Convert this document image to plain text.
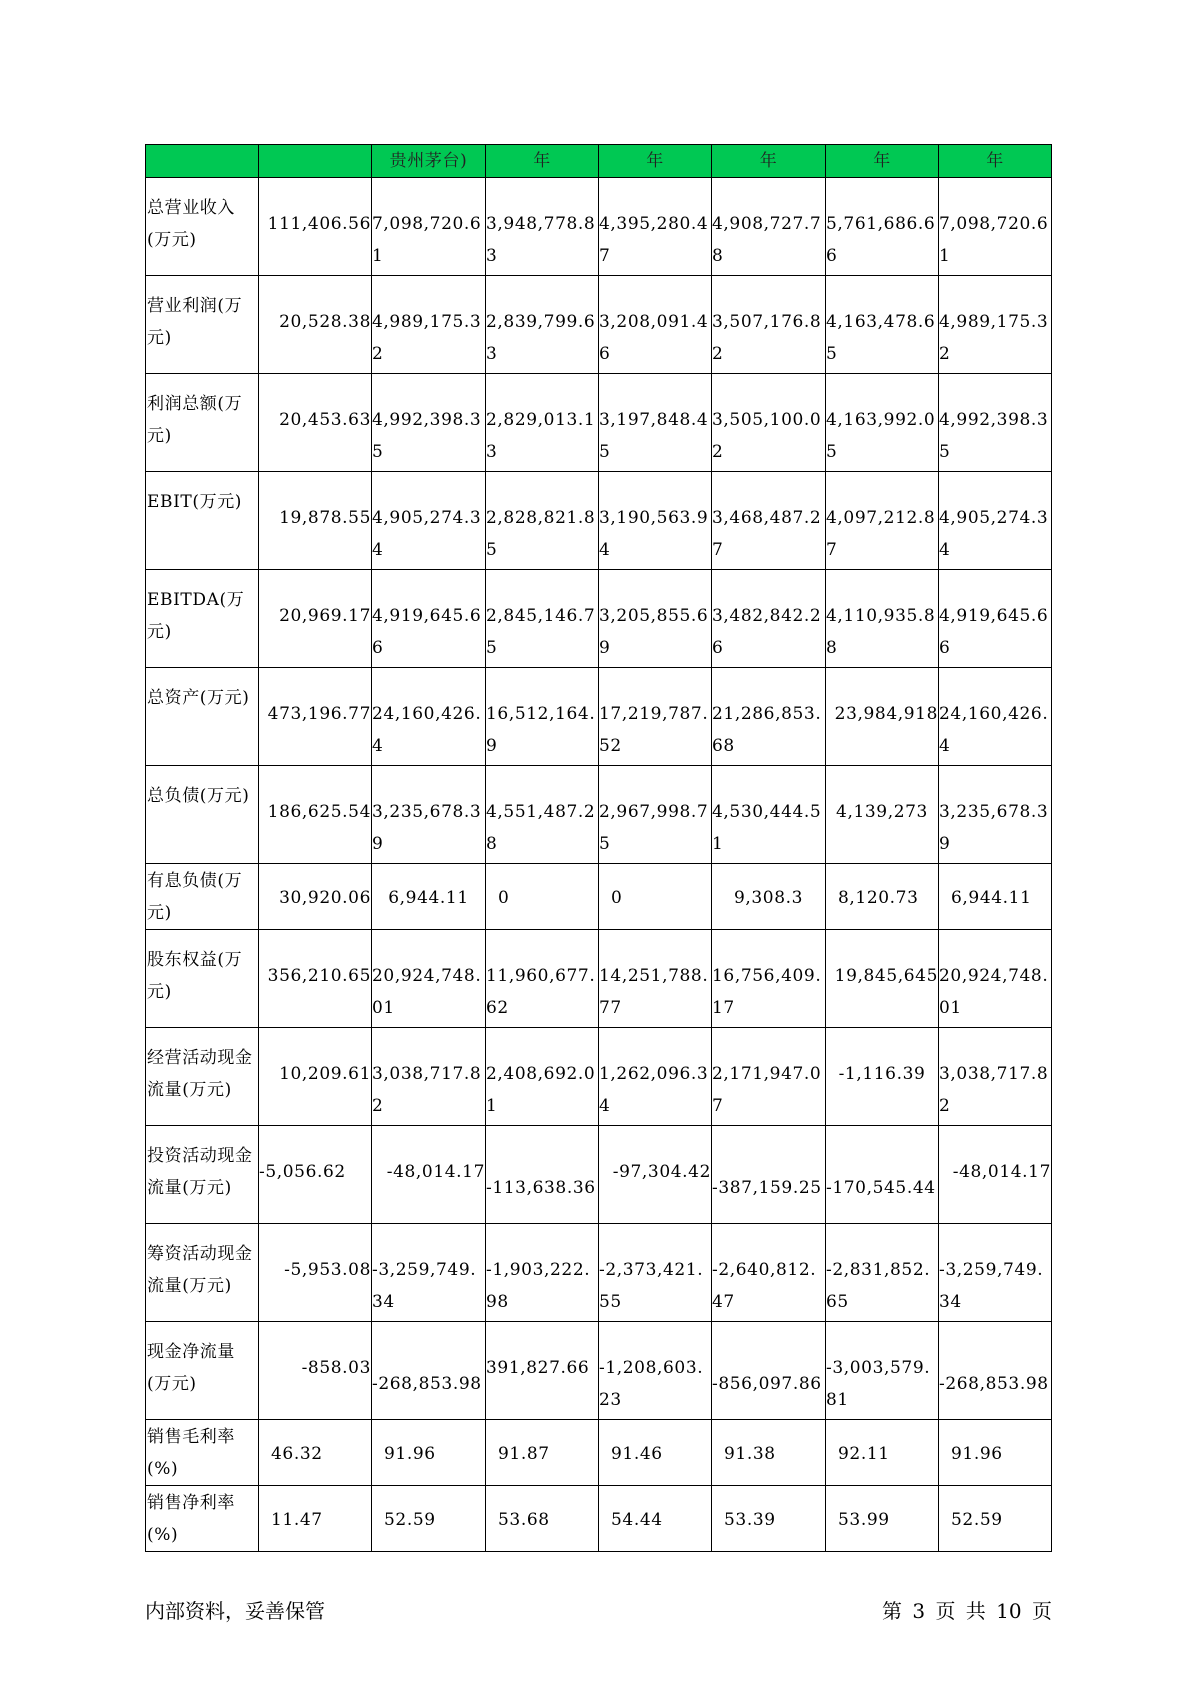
		贵州茅台)	年	年	年	年	年
总营业收入(万元)	111,406.56	7,098,720.61	3,948,778.83	4,395,280.47	4,908,727.78	5,761,686.66	7,098,720.61
营业利润(万元)	20,528.38	4,989,175.32	2,839,799.63	3,208,091.46	3,507,176.82	4,163,478.65	4,989,175.32
利润总额(万元)	20,453.63	4,992,398.35	2,829,013.13	3,197,848.45	3,505,100.02	4,163,992.05	4,992,398.35
EBIT(万元)	19,878.55	4,905,274.34	2,828,821.85	3,190,563.94	3,468,487.27	4,097,212.87	4,905,274.34
EBITDA(万元)	20,969.17	4,919,645.66	2,845,146.75	3,205,855.69	3,482,842.26	4,110,935.88	4,919,645.66
总资产(万元)	473,196.77	24,160,426.4	16,512,164.9	17,219,787.52	21,286,853.68	23,984,918	24,160,426.4
总负债(万元)	186,625.54	3,235,678.39	4,551,487.28	2,967,998.75	4,530,444.51	4,139,273	3,235,678.39
有息负债(万元)	30,920.06	6,944.11	0	0	9,308.3	8,120.73	6,944.11
股东权益(万元)	356,210.65	20,924,748.01	11,960,677.62	14,251,788.77	16,756,409.17	19,845,645	20,924,748.01
经营活动现金流量(万元)	10,209.61	3,038,717.82	2,408,692.01	1,262,096.34	2,171,947.07	-1,116.39	3,038,717.82
投资活动现金流量(万元)	-5,056.62	-48,014.17	-113,638.36	-97,304.42	-387,159.25	-170,545.44	-48,014.17
筹资活动现金流量(万元)	-5,953.08	-3,259,749.34	-1,903,222.98	-2,373,421.55	-2,640,812.47	-2,831,852.65	-3,259,749.34
现金净流量(万元)	-858.03	-268,853.98	391,827.66	-1,208,603.23	-856,097.86	-3,003,579.81	-268,853.98
销售毛利率(%)	46.32	91.96	91.87	91.46	91.38	92.11	91.96
销售净利率(%)	11.47	52.59	53.68	54.44	53.39	53.99	52.59
内部资料，妥善保管	第 3 页 共 10 页
